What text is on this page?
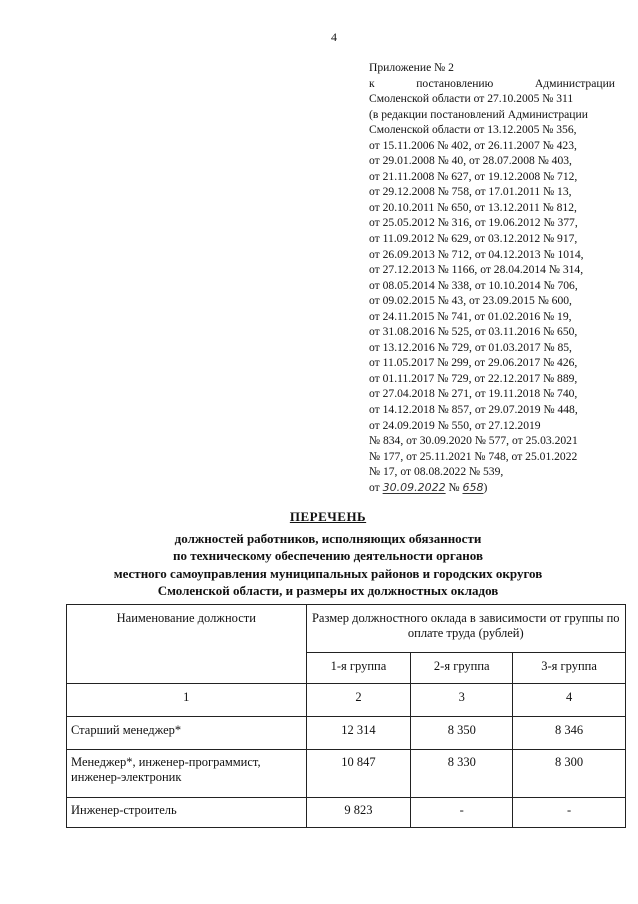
4
Приложение № 2
к	постановлению	Администрации
Смоленской области от 27.10.2005 № 311
(в редакции постановлений Администрации
Смоленской области от 13.12.2005 № 356,
от 15.11.2006 № 402, от 26.11.2007 № 423,
от 29.01.2008 № 40, от 28.07.2008 № 403,
от 21.11.2008 № 627, от 19.12.2008 № 712,
от 29.12.2008 № 758, от 17.01.2011 № 13,
от 20.10.2011 № 650, от 13.12.2011 № 812,
от 25.05.2012 № 316, от 19.06.2012 № 377,
от 11.09.2012 № 629, от 03.12.2012 № 917,
от 26.09.2013 № 712, от 04.12.2013 № 1014,
от 27.12.2013 № 1166, от 28.04.2014 № 314,
от 08.05.2014 № 338, от 10.10.2014 № 706,
от 09.02.2015 № 43, от 23.09.2015 № 600,
от 24.11.2015 № 741, от 01.02.2016 № 19,
от 31.08.2016 № 525, от 03.11.2016 № 650,
от 13.12.2016 № 729, от 01.03.2017 № 85,
от 11.05.2017 № 299, от 29.06.2017 № 426,
от 01.11.2017 № 729, от 22.12.2017 № 889,
от 27.04.2018 № 271, от 19.11.2018 № 740,
от 14.12.2018 № 857, от 29.07.2019 № 448,
от 24.09.2019 № 550, от 27.12.2019
№ 834, от 30.09.2020 № 577, от 25.03.2021
№ 177, от 25.11.2021 № 748, от 25.01.2022
№ 17, от 08.08.2022 № 539,
от 30.09.2022 № 658)
ПЕРЕЧЕНЬ
должностей работников, исполняющих обязанности
по техническому обеспечению деятельности органов
местного самоуправления муниципальных районов и городских округов
Смоленской области, и размеры их должностных окладов
Наименование должности	Размер должностного оклада в зависимости от группы по оплате труда (рублей)		
	1-я группа	2-я группа	3-я группа
1	2	3	4
Старший менеджер*	12 314	8 350	8 346
Менеджер*, инженер-программист, инженер-электроник	10 847	8 330	8 300
Инженер-строитель	9 823	-	-
